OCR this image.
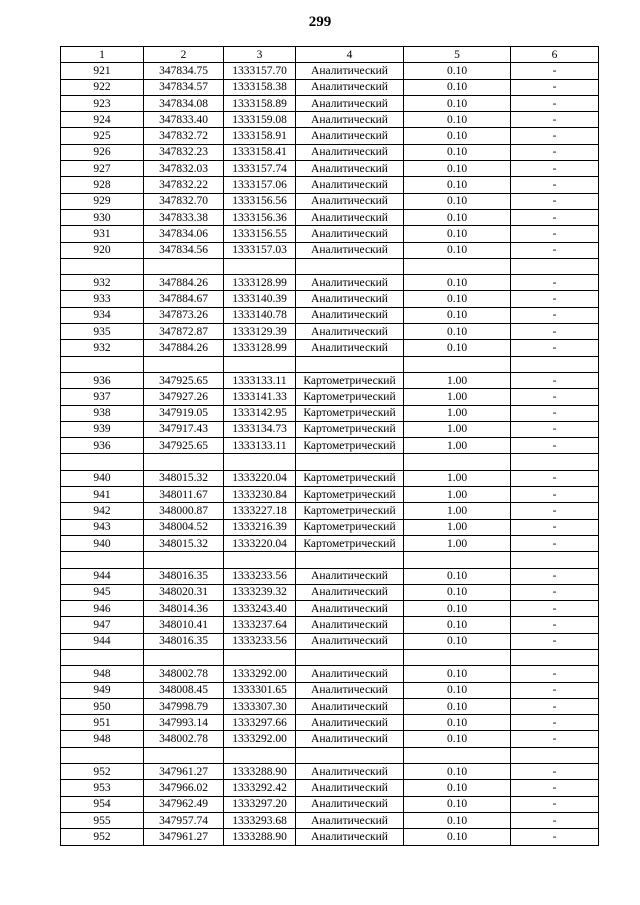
299
1	2	3	4	5	6
921	347834.75	1333157.70	Аналитический	0.10	-
922	347834.57	1333158.38	Аналитический	0.10	-
923	347834.08	1333158.89	Аналитический	0.10	-
924	347833.40	1333159.08	Аналитический	0.10	-
925	347832.72	1333158.91	Аналитический	0.10	-
926	347832.23	1333158.41	Аналитический	0.10	-
927	347832.03	1333157.74	Аналитический	0.10	-
928	347832.22	1333157.06	Аналитический	0.10	-
929	347832.70	1333156.56	Аналитический	0.10	-
930	347833.38	1333156.36	Аналитический	0.10	-
931	347834.06	1333156.55	Аналитический	0.10	-
920	347834.56	1333157.03	Аналитический	0.10	-

932	347884.26	1333128.99	Аналитический	0.10	-
933	347884.67	1333140.39	Аналитический	0.10	-
934	347873.26	1333140.78	Аналитический	0.10	-
935	347872.87	1333129.39	Аналитический	0.10	-
932	347884.26	1333128.99	Аналитический	0.10	-

936	347925.65	1333133.11	Картометрический	1.00	-
937	347927.26	1333141.33	Картометрический	1.00	-
938	347919.05	1333142.95	Картометрический	1.00	-
939	347917.43	1333134.73	Картометрический	1.00	-
936	347925.65	1333133.11	Картометрический	1.00	-

940	348015.32	1333220.04	Картометрический	1.00	-
941	348011.67	1333230.84	Картометрический	1.00	-
942	348000.87	1333227.18	Картометрический	1.00	-
943	348004.52	1333216.39	Картометрический	1.00	-
940	348015.32	1333220.04	Картометрический	1.00	-

944	348016.35	1333233.56	Аналитический	0.10	-
945	348020.31	1333239.32	Аналитический	0.10	-
946	348014.36	1333243.40	Аналитический	0.10	-
947	348010.41	1333237.64	Аналитический	0.10	-
944	348016.35	1333233.56	Аналитический	0.10	-

948	348002.78	1333292.00	Аналитический	0.10	-
949	348008.45	1333301.65	Аналитический	0.10	-
950	347998.79	1333307.30	Аналитический	0.10	-
951	347993.14	1333297.66	Аналитический	0.10	-
948	348002.78	1333292.00	Аналитический	0.10	-

952	347961.27	1333288.90	Аналитический	0.10	-
953	347966.02	1333292.42	Аналитический	0.10	-
954	347962.49	1333297.20	Аналитический	0.10	-
955	347957.74	1333293.68	Аналитический	0.10	-
952	347961.27	1333288.90	Аналитический	0.10	-
